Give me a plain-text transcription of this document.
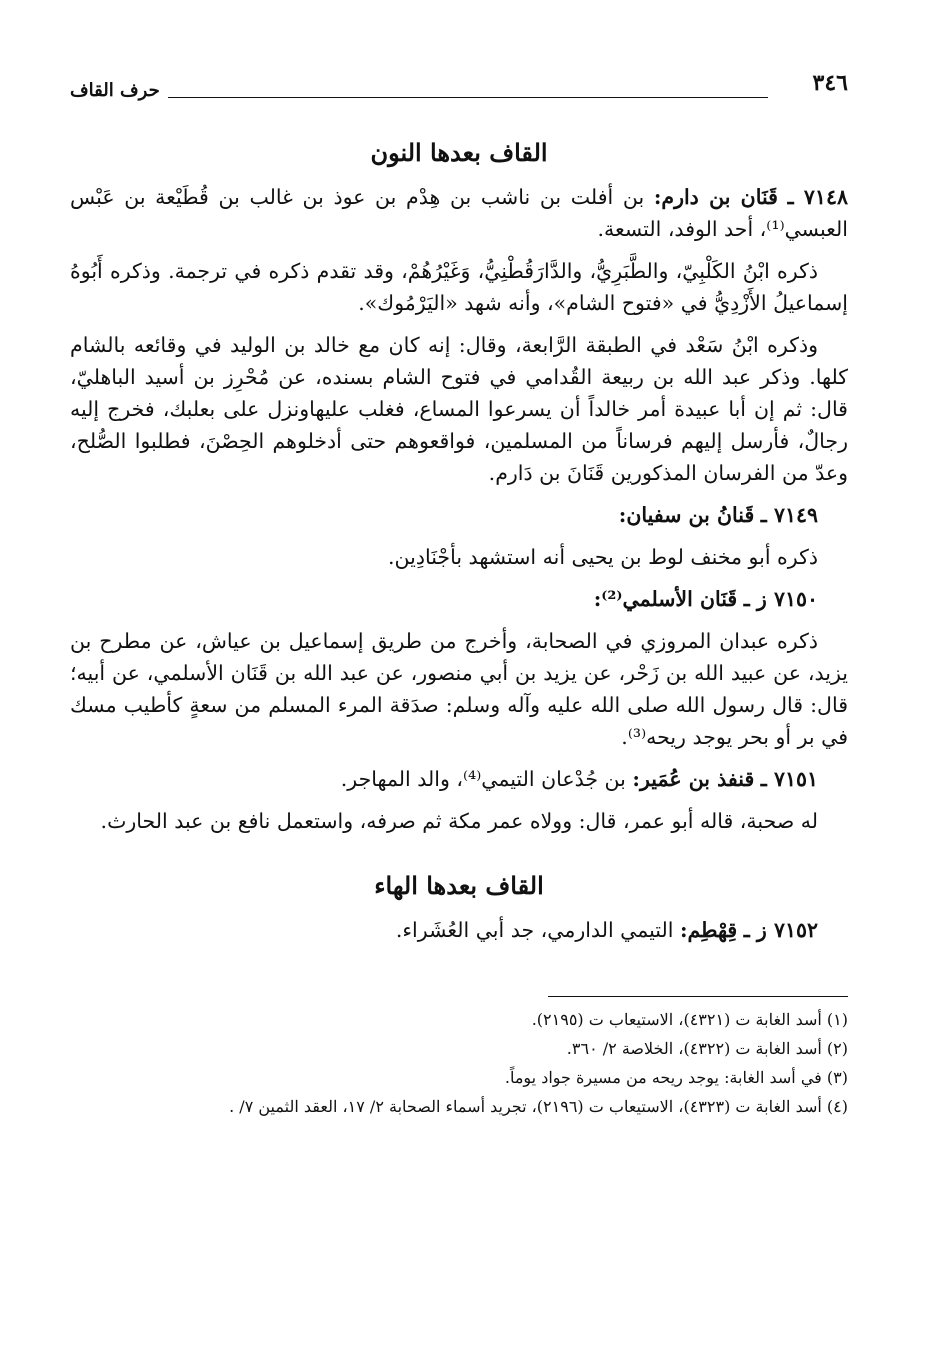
٣٤٦
حرف القاف
القاف بعدها النون

٧١٤٨ ـ قَنَان بن دارم: بن أفلت بن ناشب بن هِدْم بن عوذ بن غالب بن قُطَيْعة بن عَبْس العبسي⁽¹⁾، أحد الوفد، التسعة.

ذكره ابْنُ الكَلْبِيّ، والطَّبَرِيُّ، والدَّارَقُطْنِيُّ، وَغَيْرُهُمْ، وقد تقدم ذكره في ترجمة. وذكره أَبُوهُ إسماعيلُ الأَزْدِيُّ في «فتوح الشام»، وأنه شهد «اليَرْمُوك».

وذكره ابْنُ سَعْد في الطبقة الرَّابعة، وقال: إنه كان مع خالد بن الوليد في وقائعه بالشام كلها. وذكر عبد الله بن ربيعة القُدامي في فتوح الشام بسنده، عن مُحْرِز بن أسيد الباهليّ، قال: ثم إن أبا عبيدة أمر خالداً أن يسرعوا المساع، فغلب عليهاونزل على بعلبك، فخرج إليه رجالٌ، فأرسل إليهم فرساناً من المسلمين، فواقعوهم حتى أدخلوهم الحِصْنَ، فطلبوا الصُّلح، وعدّ من الفرسان المذكورين قَنَانَ بن دَارم.

٧١٤٩ ـ قَنانُ بن سفيان:

ذكره أبو مخنف لوط بن يحيى أنه استشهد بأجْنَادِين.

٧١٥٠ ز ـ قَنَان الأسلمي⁽²⁾:

ذكره عبدان المروزي في الصحابة، وأخرج من طريق إسماعيل بن عياش، عن مطرح بن يزيد، عن عبيد الله بن زَحْر، عن يزيد بن أبي منصور، عن عبد الله بن قَنَان الأسلمي، عن أبيه؛ قال: قال رسول الله صلى الله عليه وآله وسلم: صدَقة المرء المسلم من سعةٍ كأطيب مسك في بر أو بحر يوجد ريحه⁽³⁾.

٧١٥١ ـ قنفذ بن عُمَير: بن جُدْعان التيمي⁽⁴⁾، والد المهاجر.

له صحبة، قاله أبو عمر، قال: وولاه عمر مكة ثم صرفه، واستعمل نافع بن عبد الحارث.

القاف بعدها الهاء

٧١٥٢ ز ـ قِهْطِم: التيمي الدارمي، جد أبي العُشَراء.

(١) أسد الغابة ت (٤٣٢١)، الاستيعاب ت (٢١٩٥).

(٢) أسد الغابة ت (٤٣٢٢)، الخلاصة ٢/ ٣٦٠.

(٣) في أسد الغابة: يوجد ريحه من مسيرة جواد يوماً.

(٤) أسد الغابة ت (٤٣٢٣)، الاستيعاب ت (٢١٩٦)، تجريد أسماء الصحابة ٢/ ١٧، العقد الثمين ٧/ .
